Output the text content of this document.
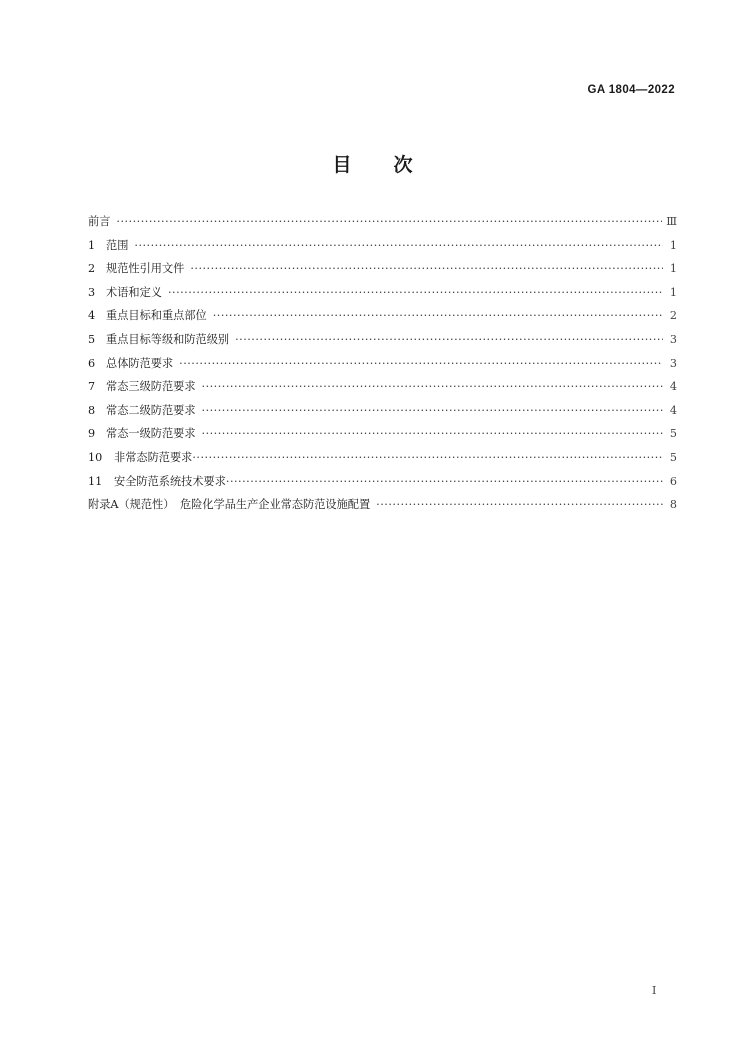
GA 1804—2022
目次
前言 ·····	Ⅲ
1 范围 ·····	1
2 规范性引用文件 ·····	1
3 术语和定义 ·····	1
4 重点目标和重点部位 ·····	2
5 重点目标等级和防范级别 ·····	3
6 总体防范要求 ·····	3
7 常态三级防范要求 ·····	4
8 常态二级防范要求 ·····	4
9 常态一级防范要求 ·····	5
10	非常态防范要求 ·····	5
11	安全防范系统技术要求 ·····	6
附录A（规范性）　危险化学品生产企业常态防范设施配置 ·····	8
Ⅰ
